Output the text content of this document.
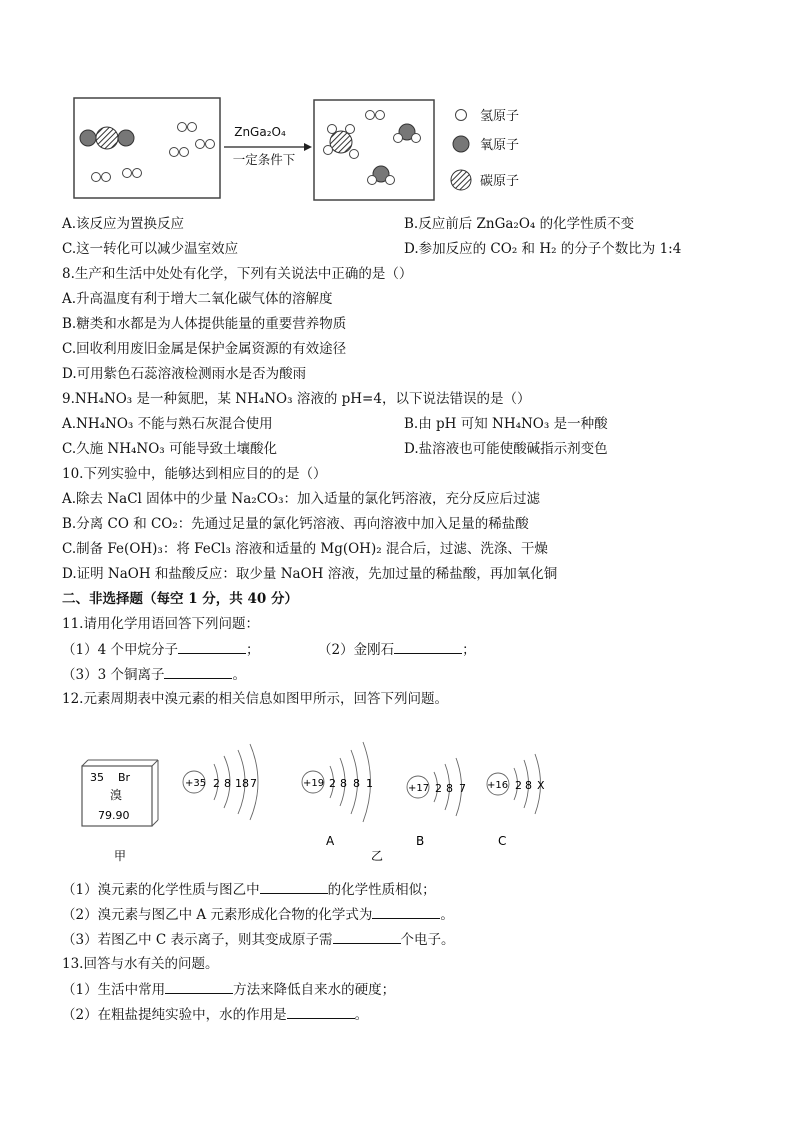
ZnGa₂O₄
一定条件下
氢原子
氧原子
碳原子
A.该反应为置换反应	B.反应前后 ZnGa₂O₄ 的化学性质不变
C.这一转化可以减少温室效应	D.参加反应的 CO₂ 和 H₂ 的分子个数比为 1:4
8.生产和生活中处处有化学，下列有关说法中正确的是（）
A.升高温度有利于增大二氧化碳气体的溶解度
B.糖类和水都是为人体提供能量的重要营养物质
C.回收利用废旧金属是保护金属资源的有效途径
D.可用紫色石蕊溶液检测雨水是否为酸雨
9.NH₄NO₃ 是一种氮肥，某 NH₄NO₃ 溶液的 pH=4，以下说法错误的是（）
A.NH₄NO₃ 不能与熟石灰混合使用	B.由 pH 可知 NH₄NO₃ 是一种酸
C.久施 NH₄NO₃ 可能导致土壤酸化	D.盐溶液也可能使酸碱指示剂变色
10.下列实验中，能够达到相应目的的是（）
A.除去 NaCl 固体中的少量 Na₂CO₃：加入适量的氯化钙溶液，充分反应后过滤
B.分离 CO 和 CO₂：先通过足量的氯化钙溶液、再向溶液中加入足量的稀盐酸
C.制备 Fe(OH)₃：将 FeCl₃ 溶液和适量的 Mg(OH)₂ 混合后，过滤、洗涤、干燥
D.证明 NaOH 和盐酸反应：取少量 NaOH 溶液，先加过量的稀盐酸，再加氧化铜
二、非选择题（每空 1 分，共 40 分）
11.请用化学用语回答下列问题：
（1）4 个甲烷分子	；	（2）金刚石	；
（3）3 个铜离子	。
12.元素周期表中溴元素的相关信息如图甲所示，回答下列问题。
35 Br
溴
79.90
甲
+35 2 8 18 7	+19 2 8 8 1
A
乙
+17 2 8 7
B
+16 2 8 X
C
（1）溴元素的化学性质与图乙中	的化学性质相似；
（2）溴元素与图乙中 A 元素形成化合物的化学式为	。
（3）若图乙中 C 表示离子，则其变成原子需	个电子。
13.回答与水有关的问题。
（1）生活中常用	方法来降低自来水的硬度；
（2）在粗盐提纯实验中，水的作用是	。
